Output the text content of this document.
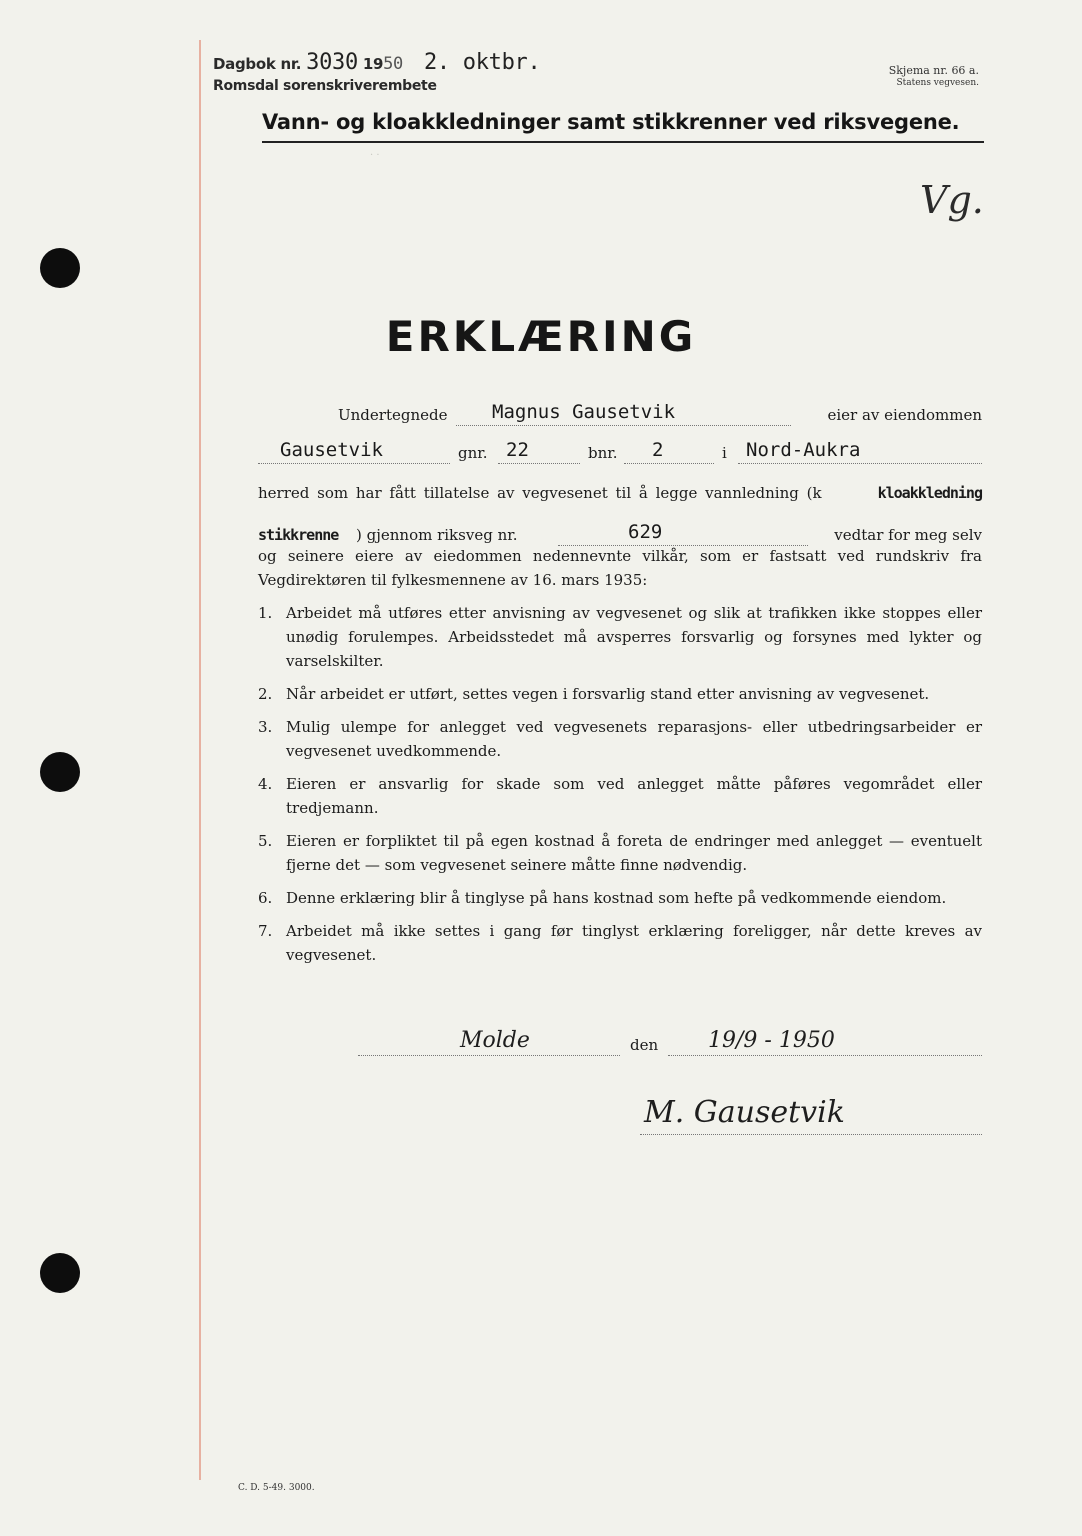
Dagbok nr. 3030 1950 2. oktbr.
Romsdal sorenskriverembete
Skjema nr. 66 a.
Statens vegvesen.
Vann- og kloakkledninger samt stikkrenner ved riksvegene.
· ·
Vg.
ERKLÆRING
Undertegnede Magnus Gausetvik	eier av eiendommen
Gausetvik	gnr. 22	bnr. 2	i Nord-Aukra
herred som har fått tillatelse av vegvesenet til å legge vannledning (k	kloakkledning
stikkrenne ) gjennom riksveg nr.	629	vedtar for meg selv
og seinere eiere av eiedommen nedennevnte vilkår, som er fastsatt ved rundskriv fra Vegdirektøren til fylkesmennene av 16. mars 1935:
1. Arbeidet må utføres etter anvisning av vegvesenet og slik at trafikken ikke stoppes eller unødig forulempes. Arbeidsstedet må avsperres forsvarlig og forsynes med lykter og varselskilter.
2. Når arbeidet er utført, settes vegen i forsvarlig stand etter anvisning av vegvesenet.
3. Mulig ulempe for anlegget ved vegvesenets reparasjons- eller utbedringsarbeider er vegvesenet uvedkommende.
4. Eieren er ansvarlig for skade som ved anlegget måtte påføres vegområdet eller tredjemann.
5. Eieren er forpliktet til på egen kostnad å foreta de endringer med anlegget — eventuelt fjerne det — som vegvesenet seinere måtte finne nødvendig.
6. Denne erklæring blir å tinglyse på hans kostnad som hefte på vedkommende eiendom.
7. Arbeidet må ikke settes i gang før tinglyst erklæring foreligger, når dette kreves av vegvesenet.
Molde	den 19/9 - 1950
M. Gausetvik
C. D. 5-49. 3000.
